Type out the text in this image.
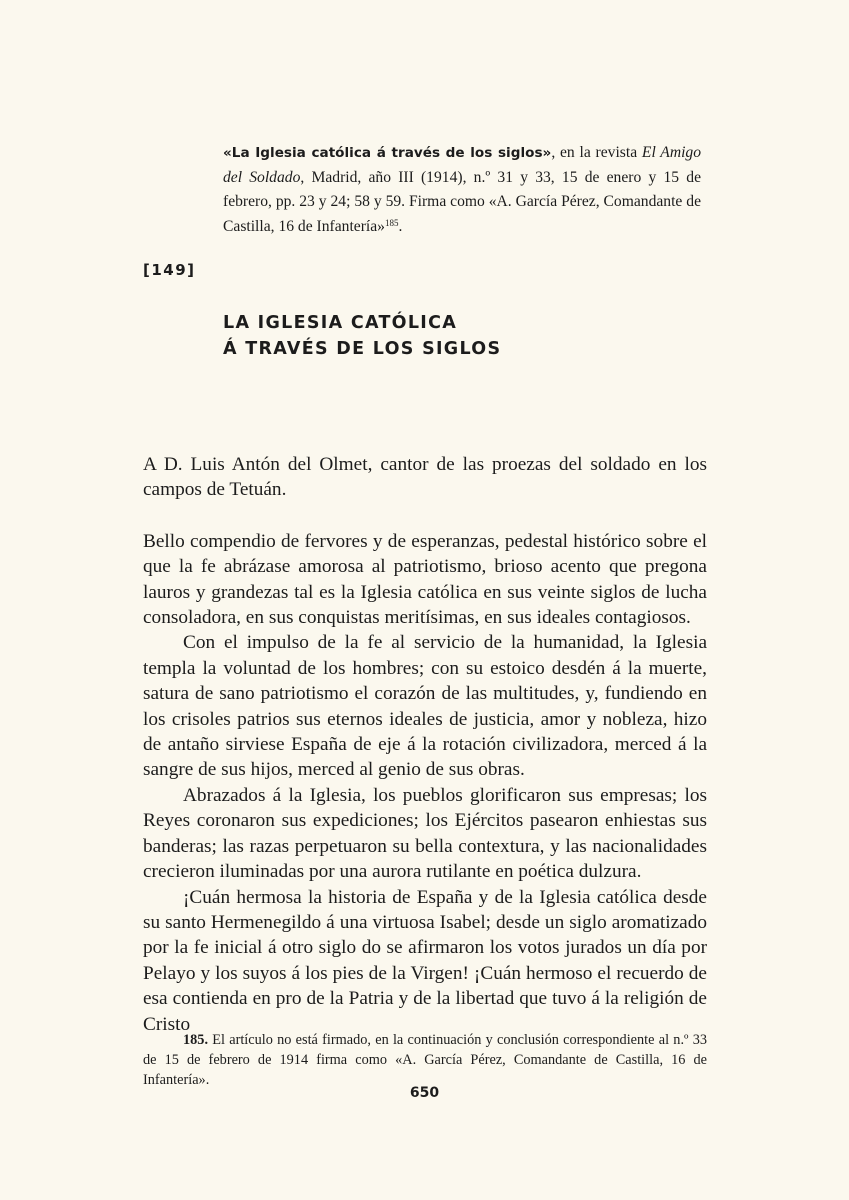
«La Iglesia católica á través de los siglos», en la revista El Amigo del Soldado, Madrid, año III (1914), n.º 31 y 33, 15 de enero y 15 de febrero, pp. 23 y 24; 58 y 59. Firma como «A. García Pérez, Comandante de Castilla, 16 de Infantería»$^{185}$.
[149]
LA IGLESIA CATÓLICA
Á TRAVÉS DE LOS SIGLOS

A D. Luis Antón del Olmet, cantor de las proezas del soldado en los campos de Tetuán.

Bello compendio de fervores y de esperanzas, pedestal histórico sobre el que la fe abrázase amorosa al patriotismo, brioso acento que pregona lauros y grandezas tal es la Iglesia católica en sus veinte siglos de lucha consoladora, en sus conquistas meritísimas, en sus ideales contagiosos.

Con el impulso de la fe al servicio de la humanidad, la Iglesia templa la voluntad de los hombres; con su estoico desdén á la muerte, satura de sano patriotismo el corazón de las multitudes, y, fundiendo en los crisoles patrios sus eternos ideales de justicia, amor y nobleza, hizo de antaño sirviese España de eje á la rotación civilizadora, merced á la sangre de sus hijos, merced al genio de sus obras.

Abrazados á la Iglesia, los pueblos glorificaron sus empresas; los Reyes coronaron sus expediciones; los Ejércitos pasearon enhiestas sus banderas; las razas perpetuaron su bella contextura, y las nacionalidades crecieron iluminadas por una aurora rutilante en poética dulzura.

¡Cuán hermosa la historia de España y de la Iglesia católica desde su santo Hermenegildo á una virtuosa Isabel; desde un siglo aromatizado por la fe inicial á otro siglo do se afirmaron los votos jurados un día por Pelayo y los suyos á los pies de la Virgen! ¡Cuán hermoso el recuerdo de esa contienda en pro de la Patria y de la libertad que tuvo á la religión de Cristo

185. El artículo no está firmado, en la continuación y conclusión correspondiente al n.º 33 de 15 de febrero de 1914 firma como «A. García Pérez, Comandante de Castilla, 16 de Infantería».

650
